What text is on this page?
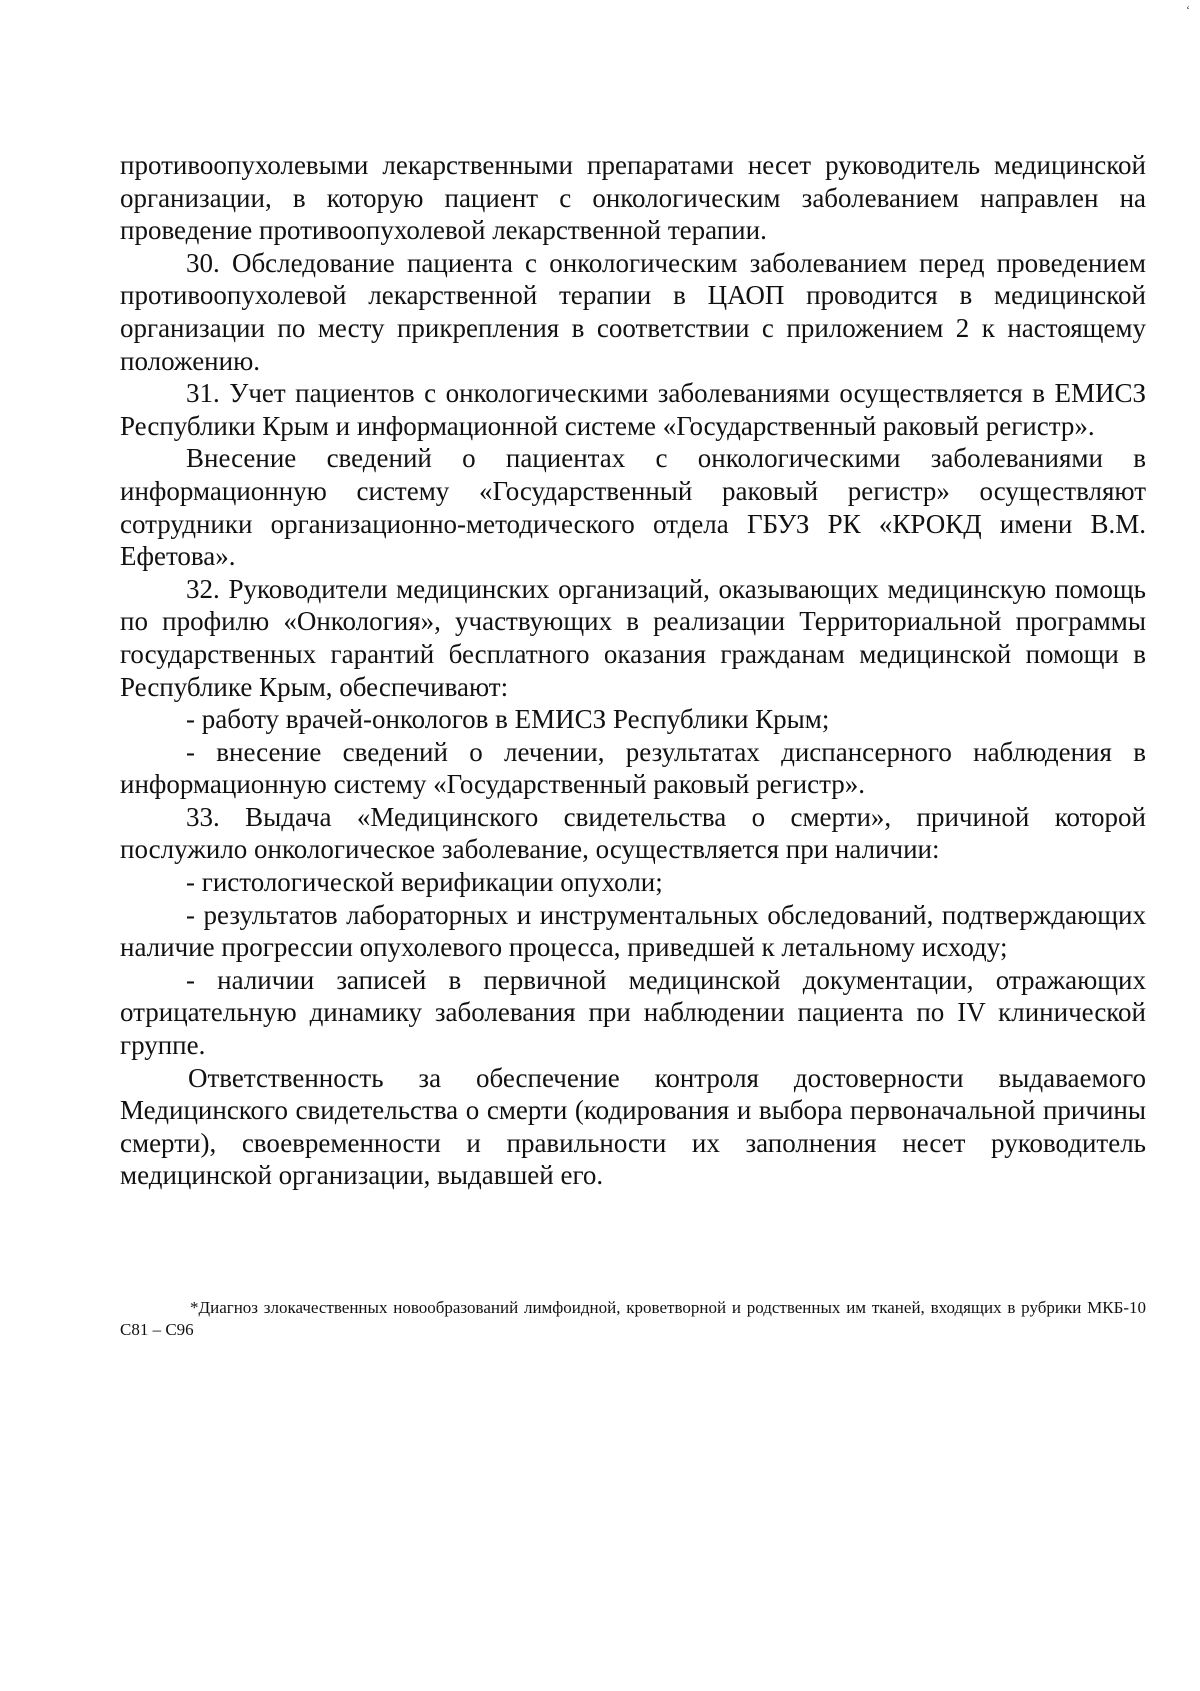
ʻ

противоопухолевыми лекарственными препаратами несет руководитель медицинской организации, в которую пациент с онкологическим заболеванием направлен на проведение противоопухолевой лекарственной терапии.

30. Обследование пациента с онкологическим заболеванием перед проведением противоопухолевой лекарственной терапии в ЦАОП проводится в медицинской организации по месту прикрепления в соответствии с приложением 2 к настоящему положению.

31. Учет пациентов с онкологическими заболеваниями осуществляется в ЕМИСЗ Республики Крым и информационной системе «Государственный раковый регистр».

Внесение сведений о пациентах с онкологическими заболеваниями в информационную систему «Государственный раковый регистр» осуществляют сотрудники организационно-методического отдела ГБУЗ РК «КРОКД имени В.М. Ефетова».

32. Руководители медицинских организаций, оказывающих медицинскую помощь по профилю «Онкология», участвующих в реализации Территориальной программы государственных гарантий бесплатного оказания гражданам медицинской помощи в Республике Крым, обеспечивают:

- работу врачей-онкологов в ЕМИСЗ Республики Крым;

- внесение сведений о лечении, результатах диспансерного наблюдения в информационную систему «Государственный раковый регистр».

33. Выдача «Медицинского свидетельства о смерти», причиной которой послужило онкологическое заболевание, осуществляется при наличии:

- гистологической верификации опухоли;

- результатов лабораторных и инструментальных обследований, подтверждающих наличие прогрессии опухолевого процесса, приведшей к летальному исходу;

- наличии записей в первичной медицинской документации, отражающих отрицательную динамику заболевания при наблюдении пациента по IV клинической группе.

Ответственность за обеспечение контроля достоверности выдаваемого Медицинского свидетельства о смерти (кодирования и выбора первоначальной причины смерти), своевременности и правильности их заполнения несет руководитель медицинской организации, выдавшей его.

*Диагноз злокачественных новообразований лимфоидной, кроветворной и родственных им тканей, входящих в рубрики МКБ-10 С81 – С96
